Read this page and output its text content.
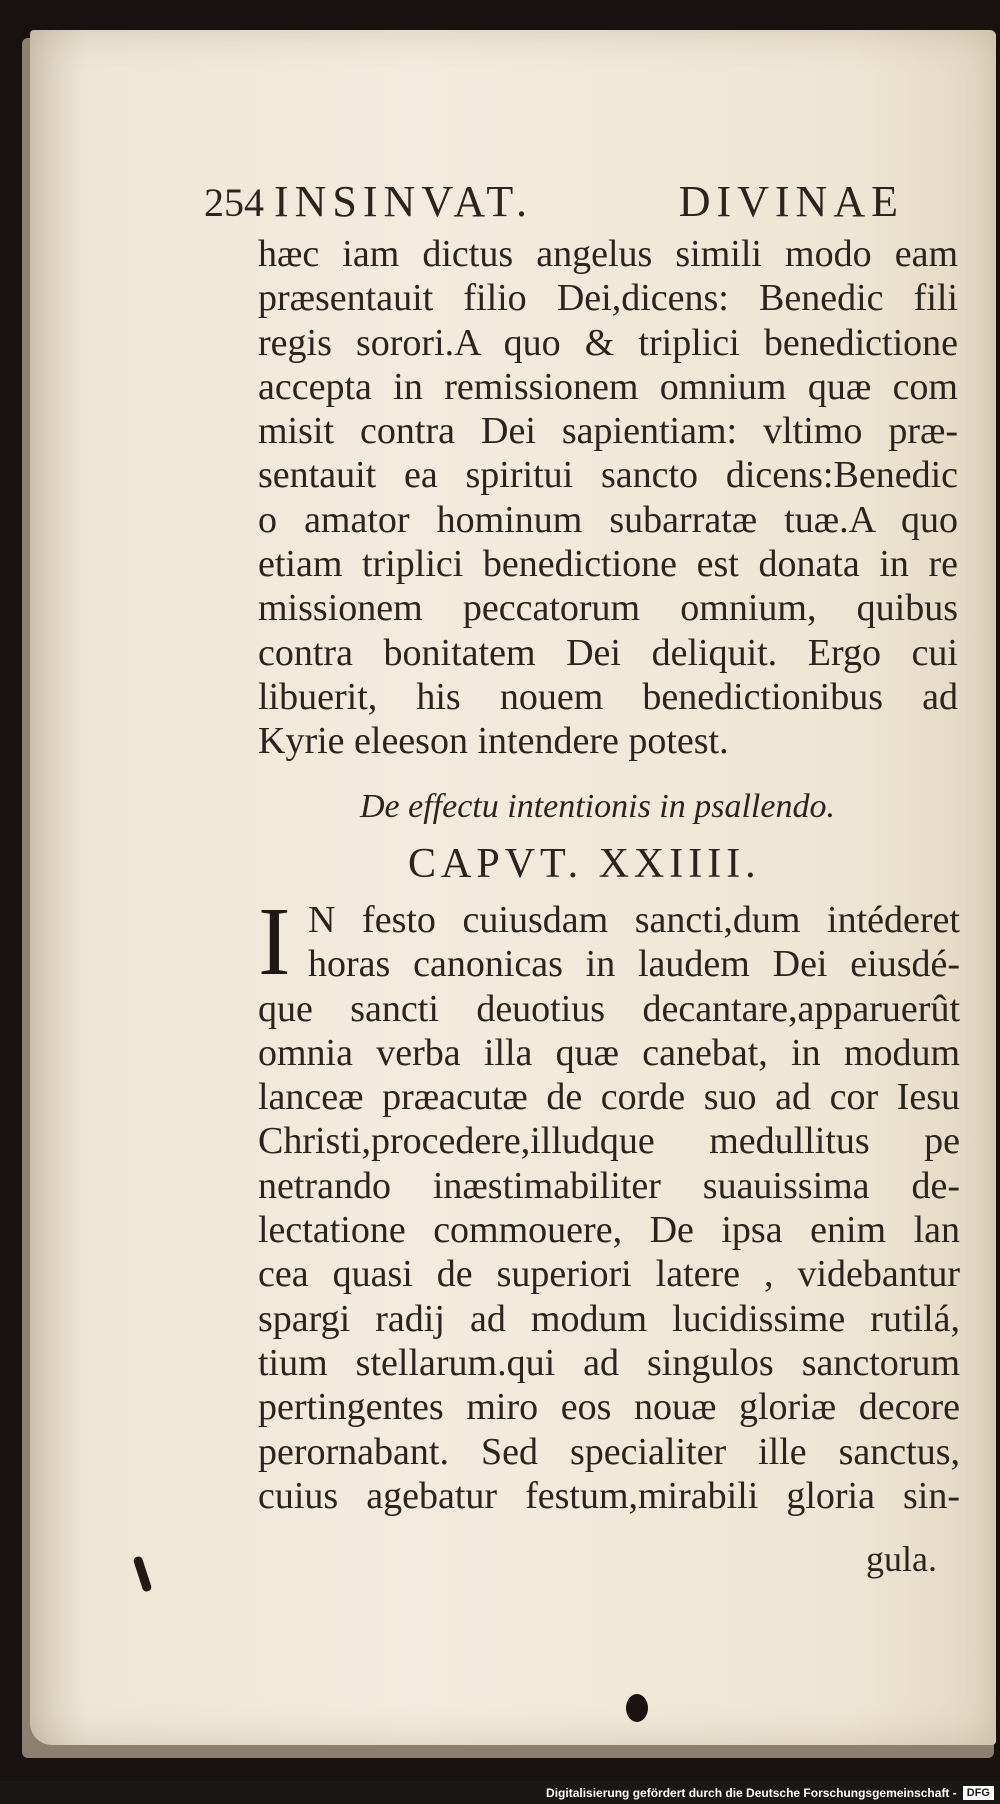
254 INSINVAT.	DIVINAE
hæc iam dictus angelus simili modo eam
præsentauit filio Dei,dicens: Benedic fili
regis sorori.A quo & triplici benedictione
accepta in remissionem omnium quæ com
misit contra Dei sapientiam: vltimo præ-
sentauit ea spiritui sancto dicens:Benedic
o amator hominum subarratæ tuæ.A quo
etiam triplici benedictione est donata in re
missionem peccatorum omnium, quibus
contra bonitatem Dei deliquit. Ergo cui
libuerit, his nouem benedictionibus ad
Kyrie eleeson intendere potest.
De effectu intentionis in psallendo.
CAPVT. XXIIII.
I N festo cuiusdam sancti,dum intéderet
horas canonicas in laudem Dei eiusdé-
que sancti deuotius decantare,apparuerût
omnia verba illa quæ canebat, in modum
lanceæ præacutæ de corde suo ad cor Iesu
Christi,procedere,illudque medullitus pe
netrando inæstimabiliter suauissima de-
lectatione commouere, De ipsa enim lan
cea quasi de superiori latere , videbantur
spargi radij ad modum lucidissime rutilá,
tium stellarum.qui ad singulos sanctorum
pertingentes miro eos nouæ gloriæ decore
perornabant. Sed specialiter ille sanctus,
cuius agebatur festum,mirabili gloria sin-
gula.
Digitalisierung gefördert durch die Deutsche Forschungsgemeinschaft - DFG
